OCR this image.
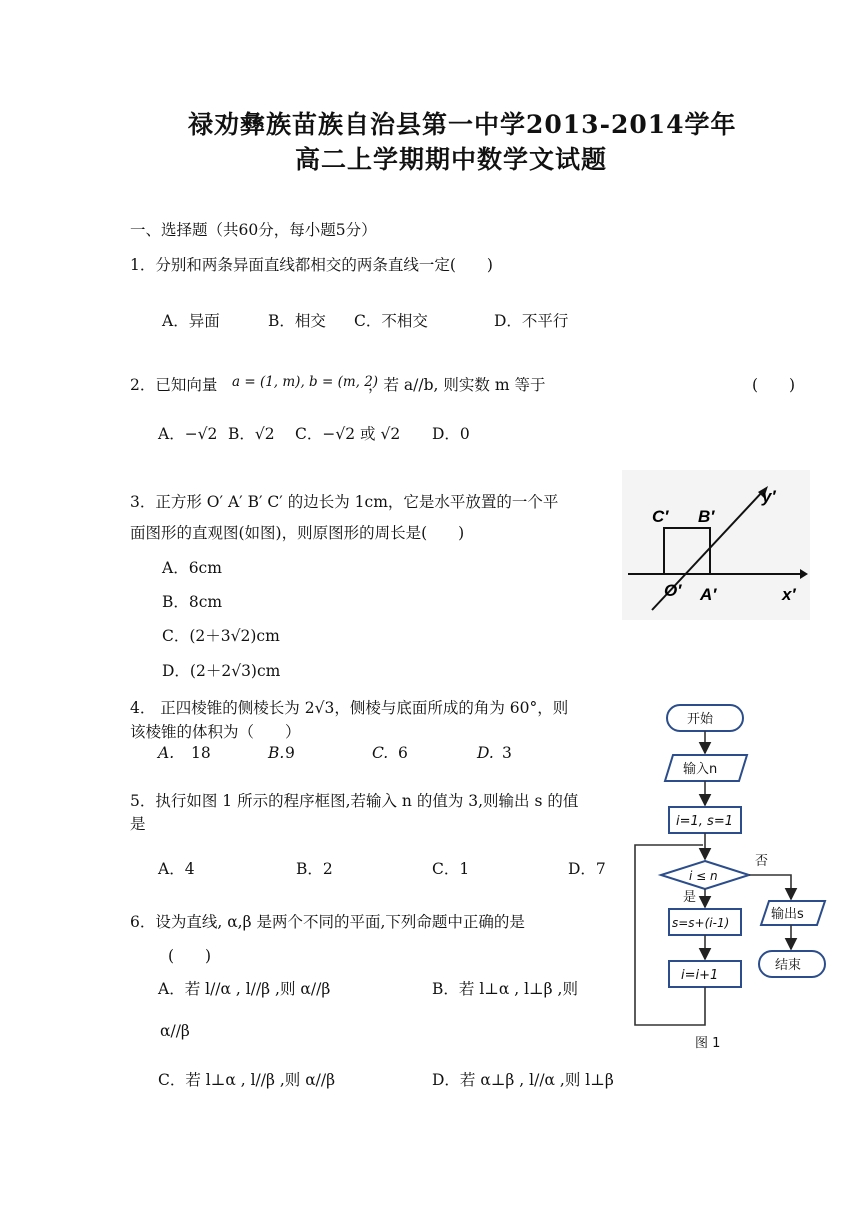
禄劝彝族苗族自治县第一中学2013-2014学年
高二上学期期中数学文试题
一、选择题（共60分，每小题5分）
1．分别和两条异面直线都相交的两条直线一定(　　)
A．异面	B．相交 C．不相交	D．不平行
2．已知向量 a = (1, m), b = (m, 2)
，若 a//b, 则实数 m 等于	(　　)
A．−√2 B．√2 C．−√2 或 √2 D．0
3．正方形 O′ A′ B′ C′ 的边长为 1cm，它是水平放置的一个平
面图形的直观图(如图)，则原图形的周长是(　　)
A．6cm
B．8cm
C．(2＋3√2)cm
D．(2＋2√3)cm
C′ B′
O′ A′	x′
y′
4． 正四棱锥的侧棱长为 2√3，侧棱与底面所成的角为 60°，则
该棱锥的体积为（　　）
A. 18	B. 9	C. 6	D. 3
5．执行如图 1 所示的程序框图,若输入 n 的值为 3,则输出 s 的值
是
A．4	B．2	C．1	D．7
6．设为直线, α,β 是两个不同的平面,下列命题中正确的是
(　　)
A．若 l//α , l//β ,则 α//β	B．若 l⊥α , l⊥β ,则
α//β
C．若 l⊥α , l//β ,则 α//β	D．若 α⊥β , l//α ,则 l⊥β
开始
输入n
i=1, s=1
i ≤ n
否
是
s=s+(i-1)
i=i+1
输出s
结束
图 1
